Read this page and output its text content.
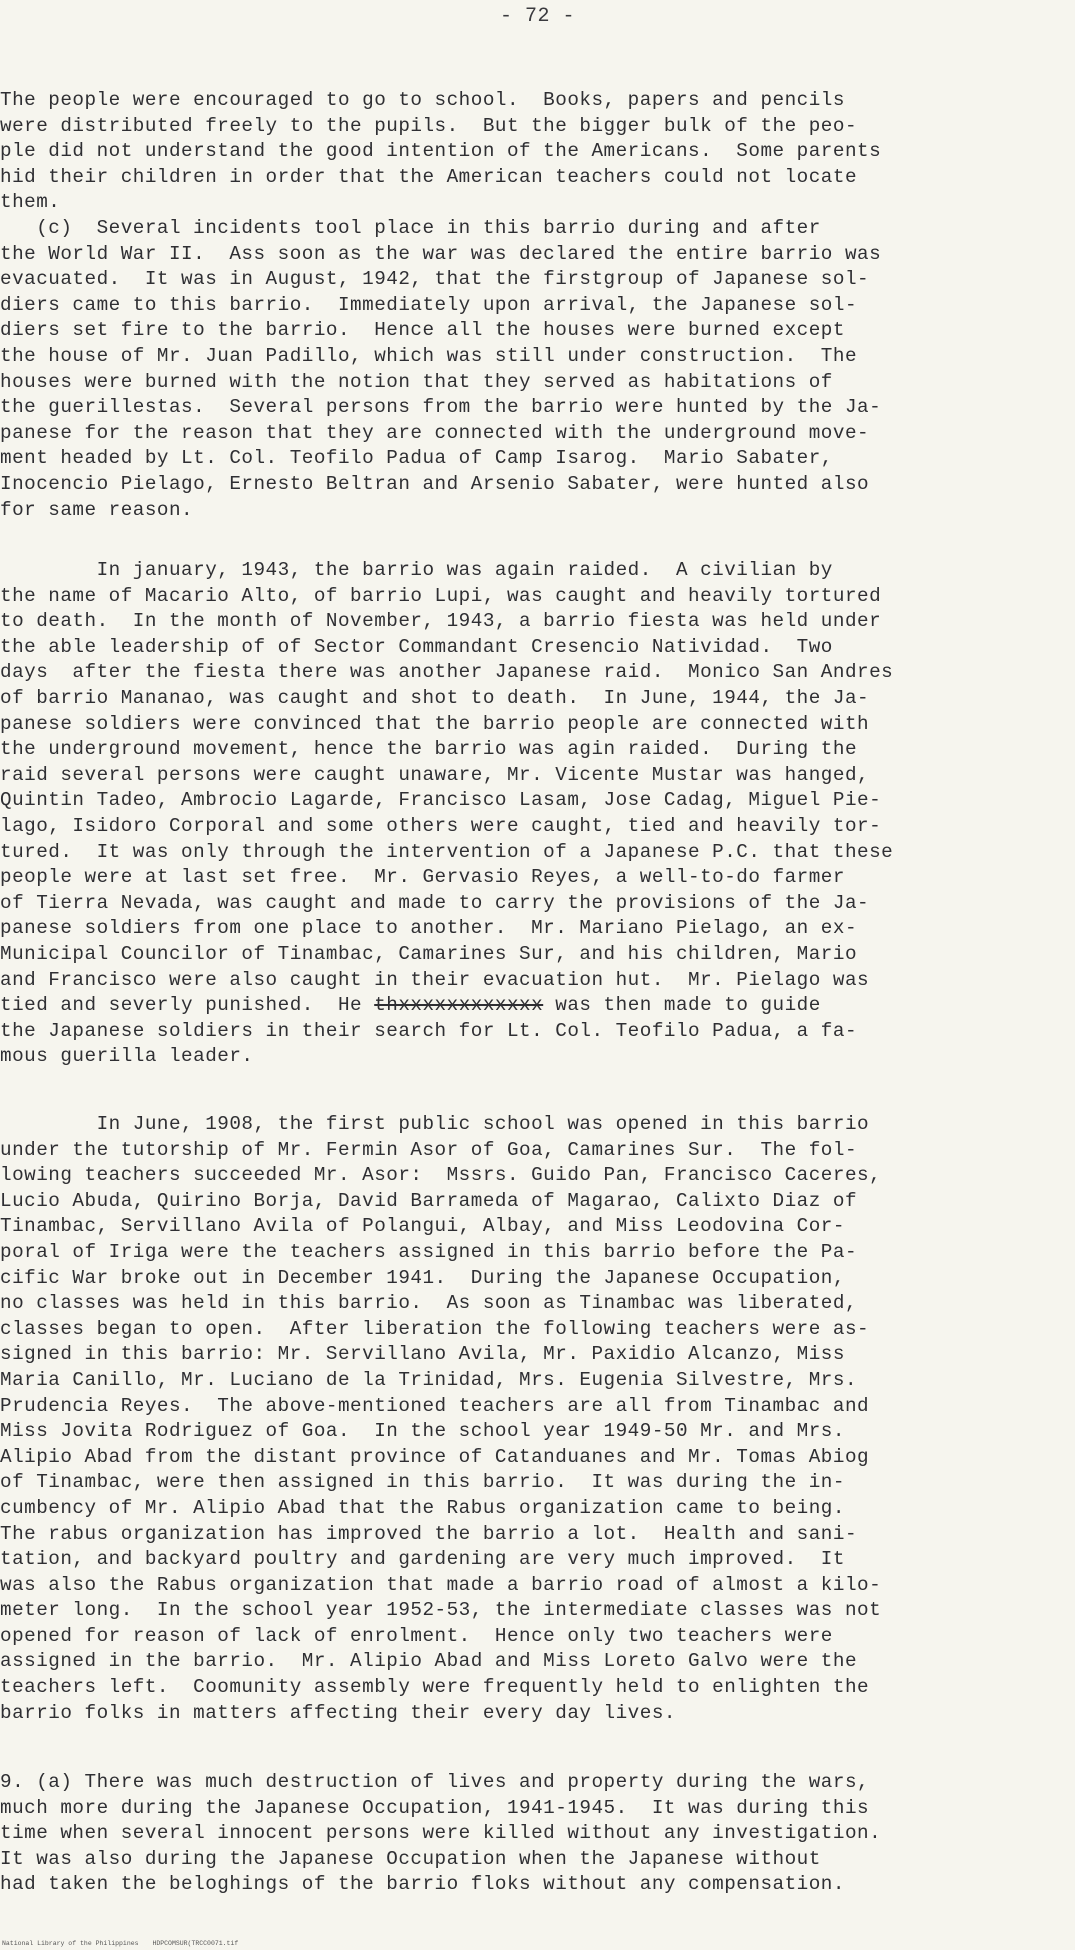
- 72 -
The people were encouraged to go to school.  Books, papers and pencils
were distributed freely to the pupils.  But the bigger bulk of the peo-
ple did not understand the good intention of the Americans.  Some parents
hid their children in order that the American teachers could not locate
them.
(c)  Several incidents tool place in this barrio during and after
the World War II.  Ass soon as the war was declared the entire barrio was
evacuated.  It was in August, 1942, that the firstgroup of Japanese sol-
diers came to this barrio.  Immediately upon arrival, the Japanese sol-
diers set fire to the barrio.  Hence all the houses were burned except
the house of Mr. Juan Padillo, which was still under construction.  The
houses were burned with the notion that they served as habitations of
the guerillestas.  Several persons from the barrio were hunted by the Ja-
panese for the reason that they are connected with the underground move-
ment headed by Lt. Col. Teofilo Padua of Camp Isarog.  Mario Sabater,
Inocencio Pielago, Ernesto Beltran and Arsenio Sabater, were hunted also
for same reason.
In january, 1943, the barrio was again raided.  A civilian by
the name of Macario Alto, of barrio Lupi, was caught and heavily tortured
to death.  In the month of November, 1943, a barrio fiesta was held under
the able leadership of of Sector Commandant Cresencio Natividad.  Two
days  after the fiesta there was another Japanese raid.  Monico San Andres
of barrio Mananao, was caught and shot to death.  In June, 1944, the Ja-
panese soldiers were convinced that the barrio people are connected with
the underground movement, hence the barrio was agin raided.  During the
raid several persons were caught unaware, Mr. Vicente Mustar was hanged,
Quintin Tadeo, Ambrocio Lagarde, Francisco Lasam, Jose Cadag, Miguel Pie-
lago, Isidoro Corporal and some others were caught, tied and heavily tor-
tured.  It was only through the intervention of a Japanese P.C. that these
people were at last set free.  Mr. Gervasio Reyes, a well-to-do farmer
of Tierra Nevada, was caught and made to carry the provisions of the Ja-
panese soldiers from one place to another.  Mr. Mariano Pielago, an ex-
Municipal Councilor of Tinambac, Camarines Sur, and his children, Mario
and Francisco were also caught in their evacuation hut.  Mr. Pielago was
tied and severly punished.  He thxxxxxxxxxxxx was then made to guide
the Japanese soldiers in their search for Lt. Col. Teofilo Padua, a fa-
mous guerilla leader.
In June, 1908, the first public school was opened in this barrio
under the tutorship of Mr. Fermin Asor of Goa, Camarines Sur.  The fol-
lowing teachers succeeded Mr. Asor:  Mssrs. Guido Pan, Francisco Caceres,
Lucio Abuda, Quirino Borja, David Barrameda of Magarao, Calixto Diaz of
Tinambac, Servillano Avila of Polangui, Albay, and Miss Leodovina Cor-
poral of Iriga were the teachers assigned in this barrio before the Pa-
cific War broke out in December 1941.  During the Japanese Occupation,
no classes was held in this barrio.  As soon as Tinambac was liberated,
classes began to open.  After liberation the following teachers were as-
signed in this barrio: Mr. Servillano Avila, Mr. Paxidio Alcanzo, Miss
Maria Canillo, Mr. Luciano de la Trinidad, Mrs. Eugenia Silvestre, Mrs.
Prudencia Reyes.  The above-mentioned teachers are all from Tinambac and
Miss Jovita Rodriguez of Goa.  In the school year 1949-50 Mr. and Mrs.
Alipio Abad from the distant province of Catanduanes and Mr. Tomas Abiog
of Tinambac, were then assigned in this barrio.  It was during the in-
cumbency of Mr. Alipio Abad that the Rabus organization came to being.
The rabus organization has improved the barrio a lot.  Health and sani-
tation, and backyard poultry and gardening are very much improved.  It
was also the Rabus organization that made a barrio road of almost a kilo-
meter long.  In the school year 1952-53, the intermediate classes was not
opened for reason of lack of enrolment.  Hence only two teachers were
assigned in the barrio.  Mr. Alipio Abad and Miss Loreto Galvo were the
teachers left.  Coomunity assembly were frequently held to enlighten the
barrio folks in matters affecting their every day lives.
9. (a) There was much destruction of lives and property during the wars,
much more during the Japanese Occupation, 1941-1945.  It was during this
time when several innocent persons were killed without any investigation.
It was also during the Japanese Occupation when the Japanese without
had taken the beloghings of the barrio floks without any compensation.
National Library of the Philippines HDPCOMSUR(TRCC0071.tif
